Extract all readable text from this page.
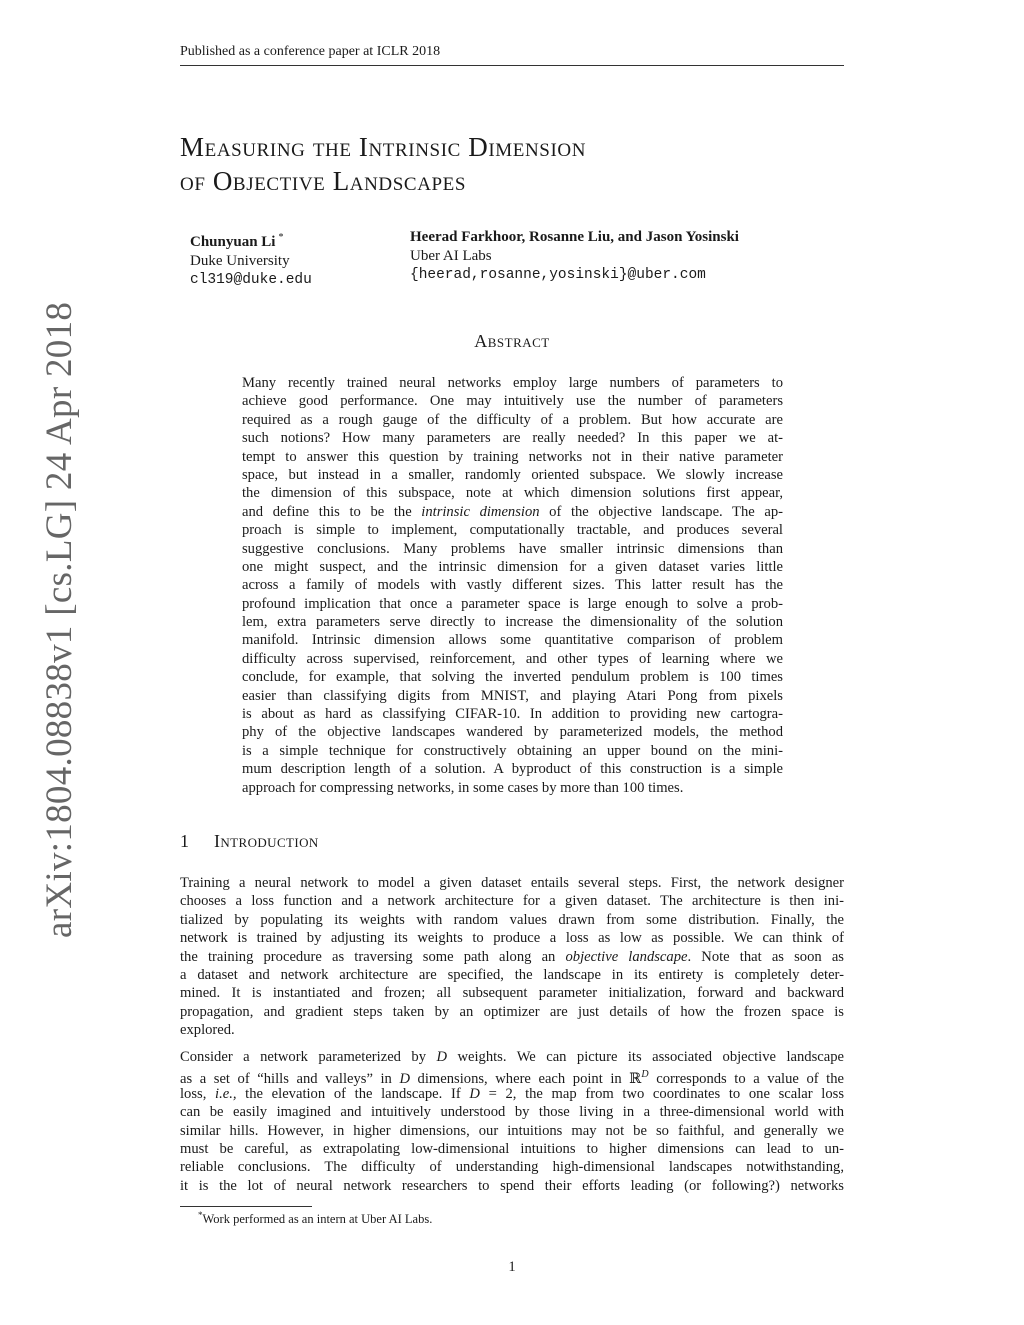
Published as a conference paper at ICLR 2018
Measuring the Intrinsic Dimension
of Objective Landscapes
Chunyuan Li *
Duke University
cl319@duke.edu
Heerad Farkhoor, Rosanne Liu, and Jason Yosinski
Uber AI Labs
{heerad,rosanne,yosinski}@uber.com
Abstract
Many recently trained neural networks employ large numbers of parameters to
achieve good performance. One may intuitively use the number of parameters
required as a rough gauge of the difficulty of a problem. But how accurate are
such notions? How many parameters are really needed? In this paper we at-
tempt to answer this question by training networks not in their native parameter
space, but instead in a smaller, randomly oriented subspace. We slowly increase
the dimension of this subspace, note at which dimension solutions first appear,
and define this to be the intrinsic dimension of the objective landscape. The ap-
proach is simple to implement, computationally tractable, and produces several
suggestive conclusions. Many problems have smaller intrinsic dimensions than
one might suspect, and the intrinsic dimension for a given dataset varies little
across a family of models with vastly different sizes. This latter result has the
profound implication that once a parameter space is large enough to solve a prob-
lem, extra parameters serve directly to increase the dimensionality of the solution
manifold. Intrinsic dimension allows some quantitative comparison of problem
difficulty across supervised, reinforcement, and other types of learning where we
conclude, for example, that solving the inverted pendulum problem is 100 times
easier than classifying digits from MNIST, and playing Atari Pong from pixels
is about as hard as classifying CIFAR-10. In addition to providing new cartogra-
phy of the objective landscapes wandered by parameterized models, the method
is a simple technique for constructively obtaining an upper bound on the mini-
mum description length of a solution. A byproduct of this construction is a simple
approach for compressing networks, in some cases by more than 100 times.
1 Introduction
Training a neural network to model a given dataset entails several steps. First, the network designer
chooses a loss function and a network architecture for a given dataset. The architecture is then ini-
tialized by populating its weights with random values drawn from some distribution. Finally, the
network is trained by adjusting its weights to produce a loss as low as possible. We can think of
the training procedure as traversing some path along an objective landscape. Note that as soon as
a dataset and network architecture are specified, the landscape in its entirety is completely deter-
mined. It is instantiated and frozen; all subsequent parameter initialization, forward and backward
propagation, and gradient steps taken by an optimizer are just details of how the frozen space is
explored.
Consider a network parameterized by D weights. We can picture its associated objective landscape
as a set of “hills and valleys” in D dimensions, where each point in ℝ$^D$ corresponds to a value of the
loss, i.e., the elevation of the landscape. If D = 2, the map from two coordinates to one scalar loss
can be easily imagined and intuitively understood by those living in a three-dimensional world with
similar hills. However, in higher dimensions, our intuitions may not be so faithful, and generally we
must be careful, as extrapolating low-dimensional intuitions to higher dimensions can lead to un-
reliable conclusions. The difficulty of understanding high-dimensional landscapes notwithstanding,
it is the lot of neural network researchers to spend their efforts leading (or following?) networks
*Work performed as an intern at Uber AI Labs.
1
arXiv:1804.08838v1 [cs.LG] 24 Apr 2018
